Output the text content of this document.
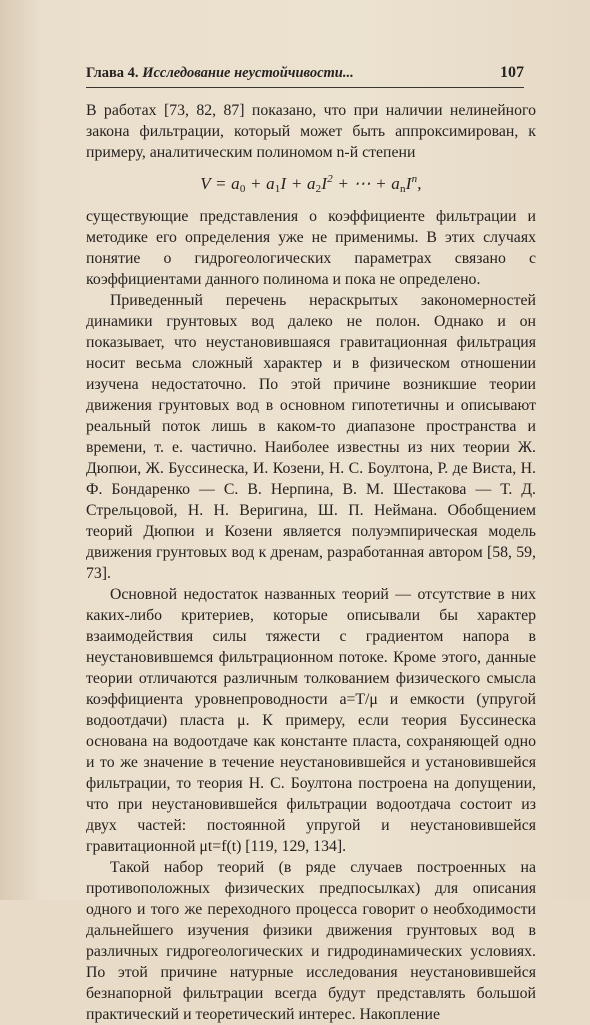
Глава 4. Исследование неустойчивости...	107

В работах [73, 82, 87] показано, что при наличии нелинейного закона фильтрации, который может быть аппроксимирован, к примеру, аналитическим полиномом n-й степени

$V = a_0 + a_1I + a_2I^2$ + ⋯ + $a_nI^n$,

существующие представления о коэффициенте фильтрации и методике его определения уже не применимы. В этих случаях понятие о гидрогеологических параметрах связано с коэффициентами данного полинома и пока не определено.

Приведенный перечень нераскрытых закономерностей динамики грунтовых вод далеко не полон. Однако и он показывает, что неустановившаяся гравитационная фильтрация носит весьма сложный характер и в физическом отношении изучена недостаточно. По этой причине возникшие теории движения грунтовых вод в основном гипотетичны и описывают реальный поток лишь в каком-то диапазоне пространства и времени, т. е. частично. Наиболее известны из них теории Ж. Дюпюи, Ж. Буссинеска, И. Козени, Н. С. Боултона, Р. де Виста, Н. Ф. Бондаренко — С. В. Нерпина, В. М. Шестакова — Т. Д. Стрельцовой, Н. Н. Веригина, Ш. П. Неймана. Обобщением теорий Дюпюи и Козени является полуэмпирическая модель движения грунтовых вод к дренам, разработанная автором [58, 59, 73].

Основной недостаток названных теорий — отсутствие в них каких-либо критериев, которые описывали бы характер взаимодействия силы тяжести с градиентом напора в неустановившемся фильтрационном потоке. Кроме этого, данные теории отличаются различным толкованием физического смысла коэффициента уровнепроводности a=T/μ и емкости (упругой водоотдачи) пласта μ. К примеру, если теория Буссинеска основана на водоотдаче как константе пласта, сохраняющей одно и то же значение в течение неустановившейся и установившейся фильтрации, то теория Н. С. Боултона построена на допущении, что при неустановившейся фильтрации водоотдача состоит из двух частей: постоянной упругой и неустановившейся гравитационной μt=f(t) [119, 129, 134].

Такой набор теорий (в ряде случаев построенных на противоположных физических предпосылках) для описания одного и того же переходного процесса говорит о необходимости дальнейшего изучения физики движения грунтовых вод в различных гидрогеологических и гидродинамических условиях. По этой причине натурные исследования неустановившейся безнапорной фильтрации всегда будут представлять большой практический и теоретический интерес. Накопление
